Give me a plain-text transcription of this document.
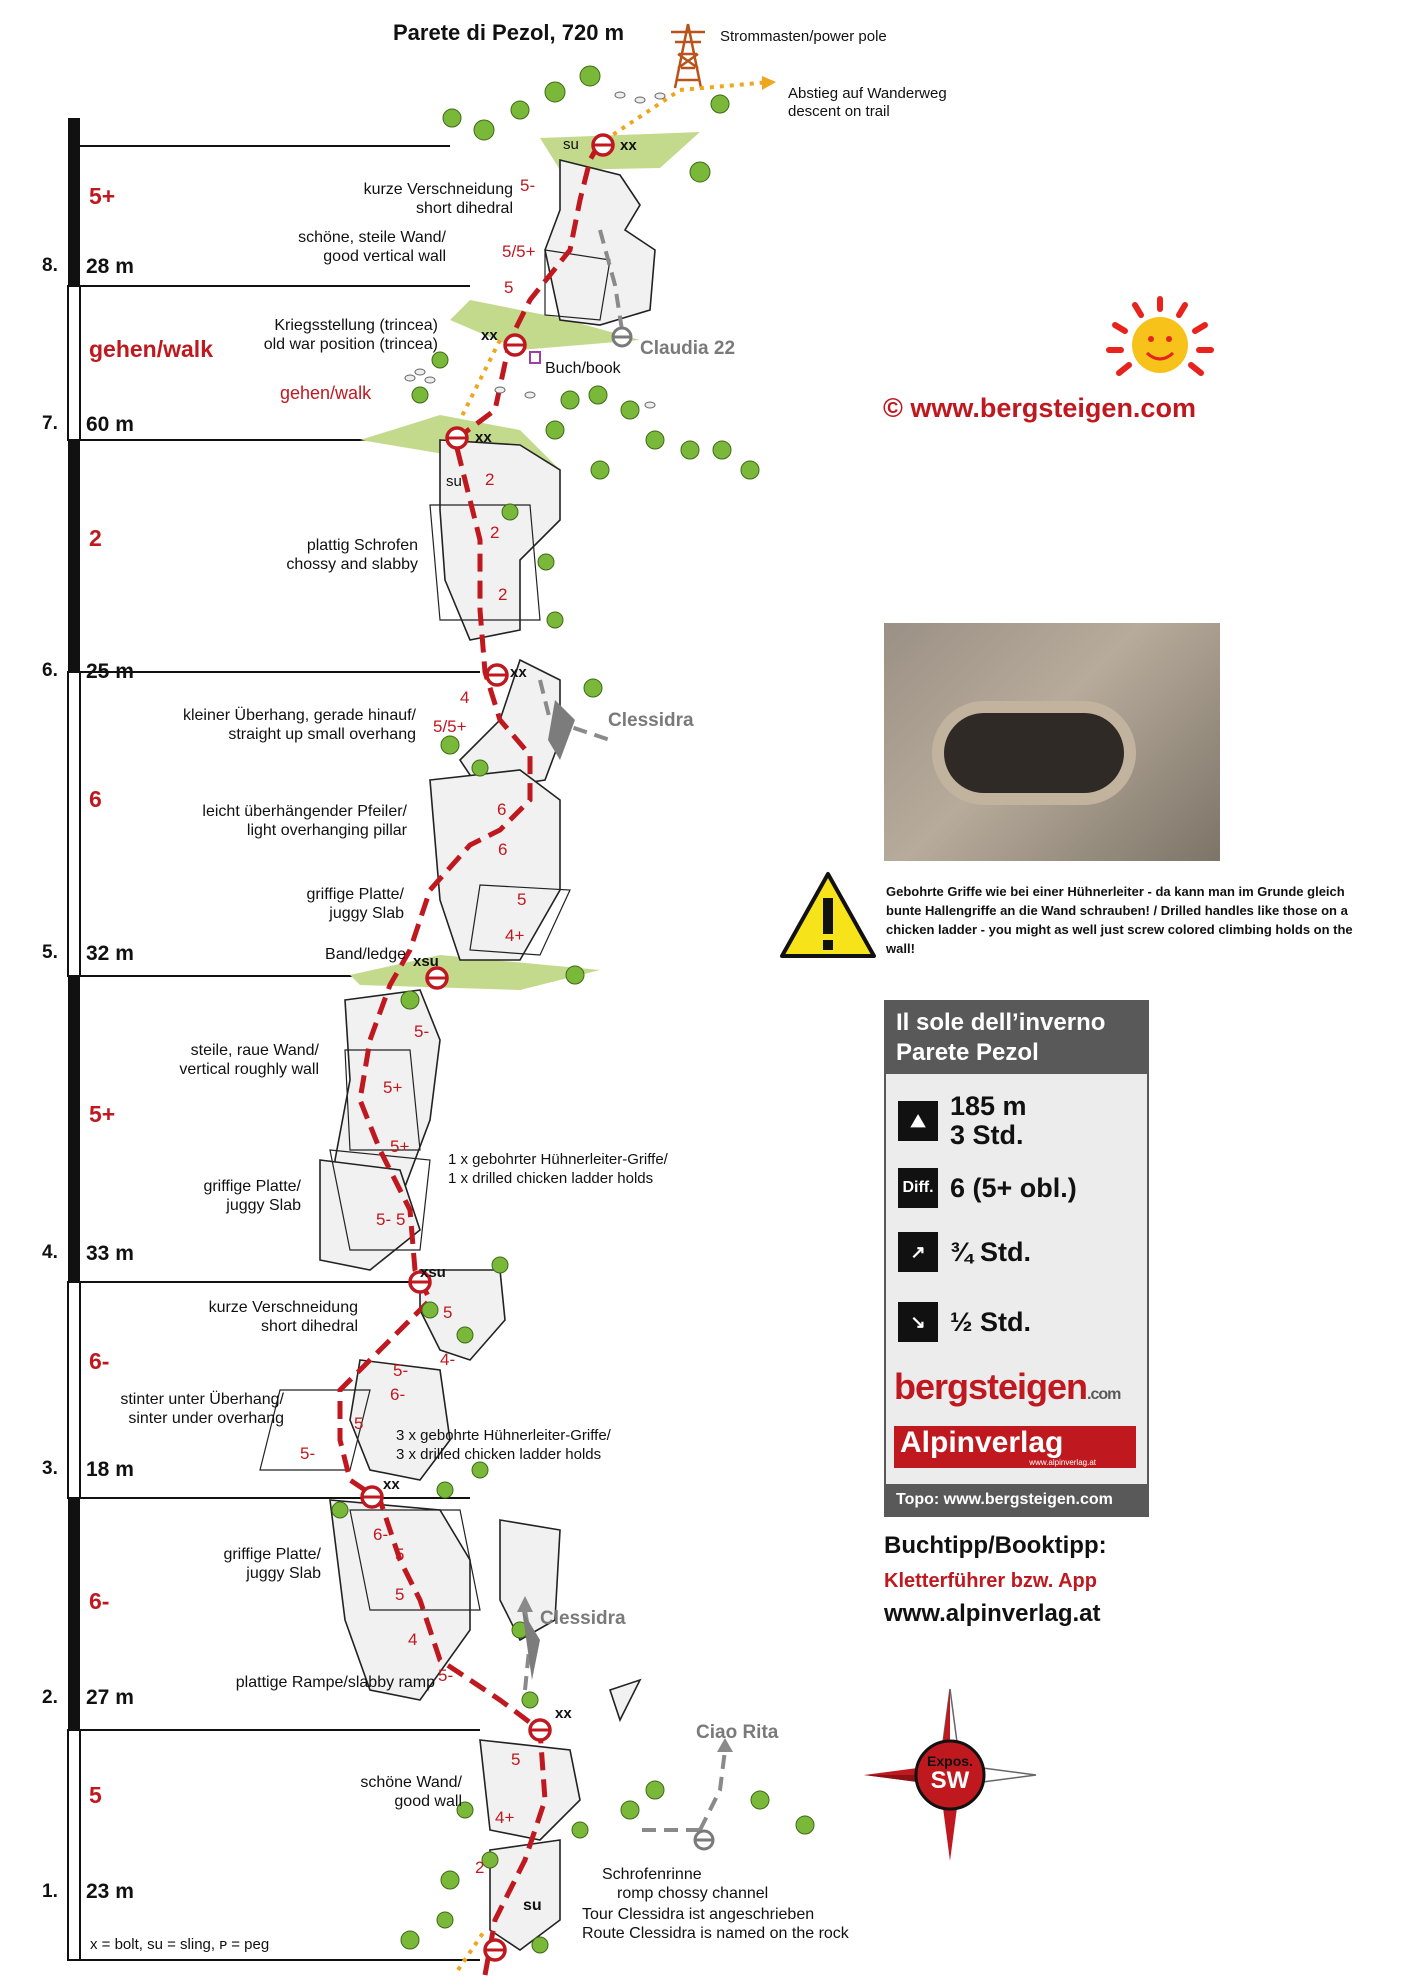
Parete di Pezol, 720 m	Strommasten/power pole
Abstieg auf Wanderweg
descent on trail
1. 23 m
5
2. 27 m
6-
3. 18 m
6-
4. 33 m
5+
5. 32 m
6
6. 25 m
2
7. 60 m
gehen/walk
8. 28 m
5+
x = bolt, su = sling, ᴘ = peg
kurze Verschneidung
short dihedral
schöne, steile Wand/
good vertical wall
Kriegsstellung (trincea)
old war position (trincea)
gehen/walk
Buch/book
plattig Schrofen
chossy and slabby
kleiner Überhang, gerade hinauf/
straight up small overhang
leicht überhängender Pfeiler/
light overhanging pillar
griffige Platte/
juggy Slab
Band/ledge
steile, raue Wand/
vertical roughly wall
griffige Platte/
juggy Slab
1 x gebohrter Hühnerleiter-Griffe/
1 x drilled chicken ladder holds
kurze Verschneidung
short dihedral
stinter unter Überhang/
sinter under overhang
3 x gebohrte Hühnerleiter-Griffe/
3 x drilled chicken ladder holds
griffige Platte/
juggy Slab
plattige Rampe/slabby ramp
schöne Wand/
good wall
Schrofenrinne
romp chossy channel
Tour Clessidra ist angeschrieben
Route Clessidra is named on the rock
Claudia 22
Clessidra
Clessidra
Ciao Rita
xx
su
xx
xx
su
xx
xsu
xsu
xx
xx
su
2
4+
5
5-
4
5
5
6-
5
4-
5-
6-
5
5-
5
5-
5+
5+
5-
4+
5
6
6
5/5+
4
2
2
2
5
5/5+
5-
© www.bergsteigen.com
Gebohrte Griffe wie bei einer Hühnerleiter - da kann man im Grunde gleich bunte Hallengriffe an die Wand schrauben! / Drilled handles like those on a chicken ladder - you might as well just screw colored climbing holds on the wall!
Il sole dell’inverno
Parete Pezol
⛰ 185 m
3 Std.
Diff. 6 (5+ obl.)
↗ ¾ Std.
↘ ½ Std.
bergsteigen.com
Alpinverlag
www.alpinverlag.at
Topo: www.bergsteigen.com
Buchtipp/Booktipp:
Kletterführer bzw. App
www.alpinverlag.at
Expos.
SW
